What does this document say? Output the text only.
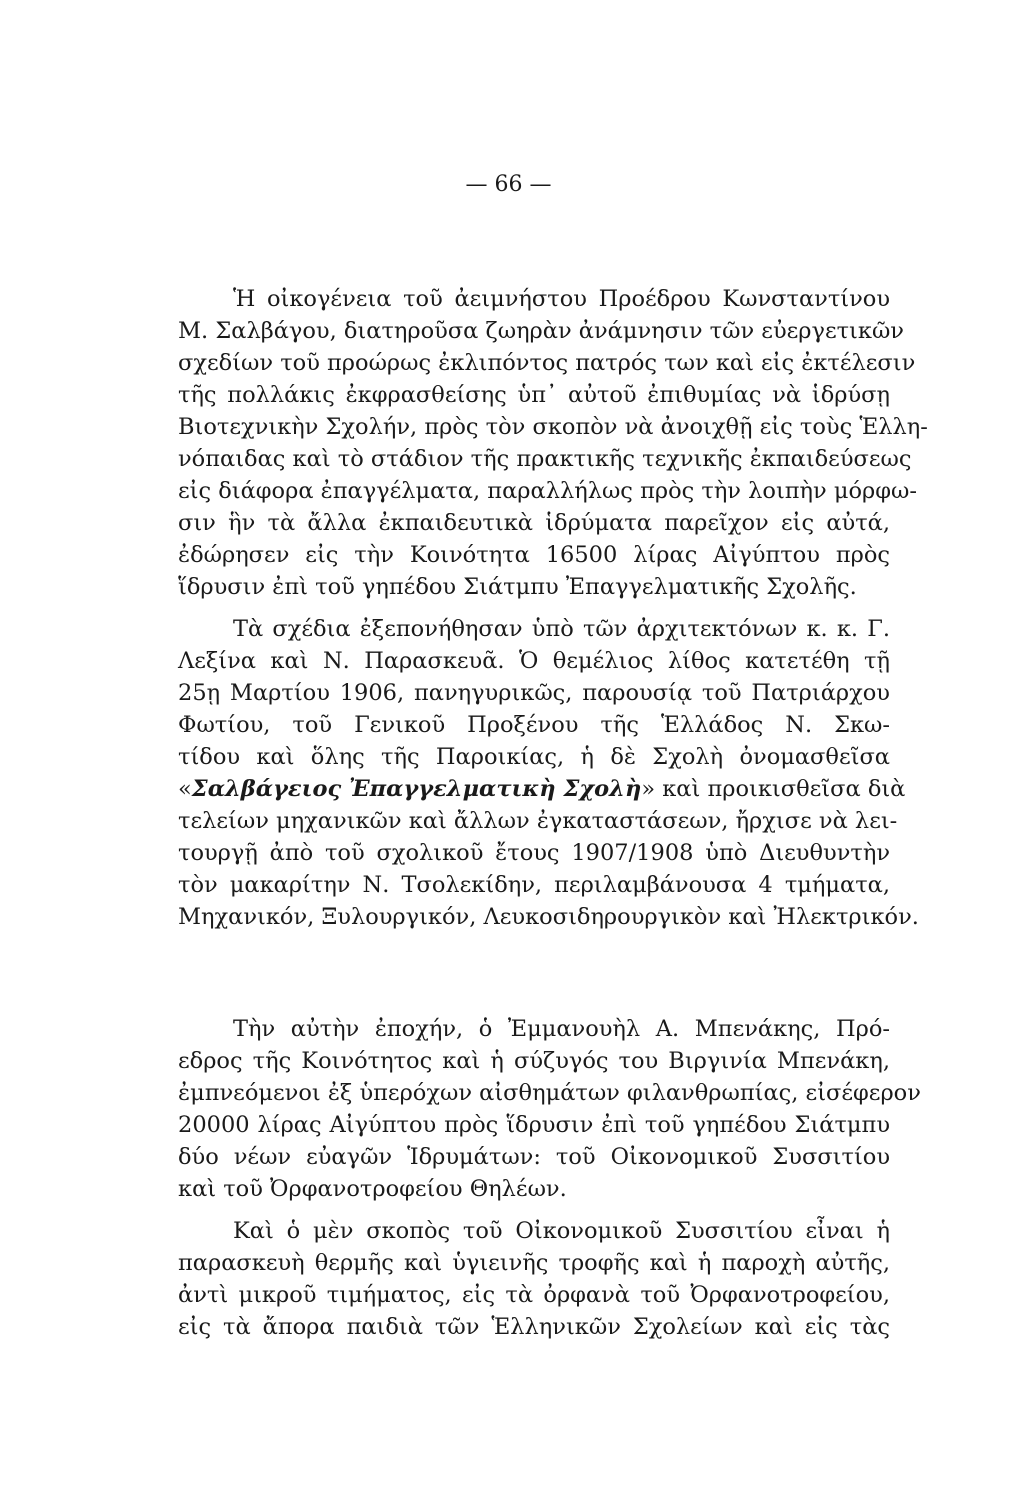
— 66 —
Ἡ οἰκογένεια τοῦ ἀειμνήστου Προέδρου Κωνσταντίνου
Μ. Σαλβάγου, διατηροῦσα ζωηρὰν ἀνάμνησιν τῶν εὐεργετικῶν
σχεδίων τοῦ προώρως ἐκλιπόντος πατρός των καὶ εἰς ἐκτέλεσιν
τῆς πολλάκις ἐκφρασθείσης ὑπ᾽ αὐτοῦ ἐπιθυμίας νὰ ἱδρύσῃ
Βιοτεχνικὴν Σχολήν, πρὸς τὸν σκοπὸν νὰ ἀνοιχθῇ εἰς τοὺς Ἑλλη-
νόπαιδας καὶ τὸ στάδιον τῆς πρακτικῆς τεχνικῆς ἐκπαιδεύσεως
εἰς διάφορα ἐπαγγέλματα, παραλλήλως πρὸς τὴν λοιπὴν μόρφω-
σιν ἣν τὰ ἄλλα ἐκπαιδευτικὰ ἱδρύματα παρεῖχον εἰς αὐτά,
ἐδώρησεν εἰς τὴν Κοινότητα 16500 λίρας Αἰγύπτου πρὸς
ἵδρυσιν ἐπὶ τοῦ γηπέδου Σιάτμπυ Ἐπαγγελματικῆς Σχολῆς.
Τὰ σχέδια ἐξεπονήθησαν ὑπὸ τῶν ἀρχιτεκτόνων κ. κ. Γ.
Λεξίνα καὶ Ν. Παρασκευᾶ. Ὁ θεμέλιος λίθος κατετέθη τῇ
25ῃ Μαρτίου 1906, πανηγυρικῶς, παρουσίᾳ τοῦ Πατριάρχου
Φωτίου, τοῦ Γενικοῦ Προξένου τῆς Ἑλλάδος Ν. Σκω-
τίδου καὶ ὅλης τῆς Παροικίας, ἡ δὲ Σχολὴ ὀνομασθεῖσα
«Σαλβάγειος Ἐπαγγελματικὴ Σχολὴ» καὶ προικισθεῖσα διὰ
τελείων μηχανικῶν καὶ ἄλλων ἐγκαταστάσεων, ἤρχισε νὰ λει-
τουργῇ ἀπὸ τοῦ σχολικοῦ ἔτους 1907/1908 ὑπὸ Διευθυντὴν
τὸν μακαρίτην Ν. Τσολεκίδην, περιλαμβάνουσα 4 τμήματα,
Μηχανικόν, Ξυλουργικόν, Λευκοσιδηρουργικὸν καὶ Ἠλεκτρικόν.
Τὴν αὐτὴν ἐποχήν, ὁ Ἐμμανουὴλ Α. Μπενάκης, Πρό-
εδρος τῆς Κοινότητος καὶ ἡ σύζυγός του Βιργινία Μπενάκη,
ἐμπνεόμενοι ἐξ ὑπερόχων αἰσθημάτων φιλανθρωπίας, εἰσέφερον
20000 λίρας Αἰγύπτου πρὸς ἵδρυσιν ἐπὶ τοῦ γηπέδου Σιάτμπυ
δύο νέων εὐαγῶν Ἱδρυμάτων: τοῦ Οἰκονομικοῦ Συσσιτίου
καὶ τοῦ Ὀρφανοτροφείου Θηλέων.
Καὶ ὁ μὲν σκοπὸς τοῦ Οἰκονομικοῦ Συσσιτίου εἶναι ἡ
παρασκευὴ θερμῆς καὶ ὑγιεινῆς τροφῆς καὶ ἡ παροχὴ αὐτῆς,
ἀντὶ μικροῦ τιμήματος, εἰς τὰ ὀρφανὰ τοῦ Ὀρφανοτροφείου,
εἰς τὰ ἄπορα παιδιὰ τῶν Ἑλληνικῶν Σχολείων καὶ εἰς τὰς
